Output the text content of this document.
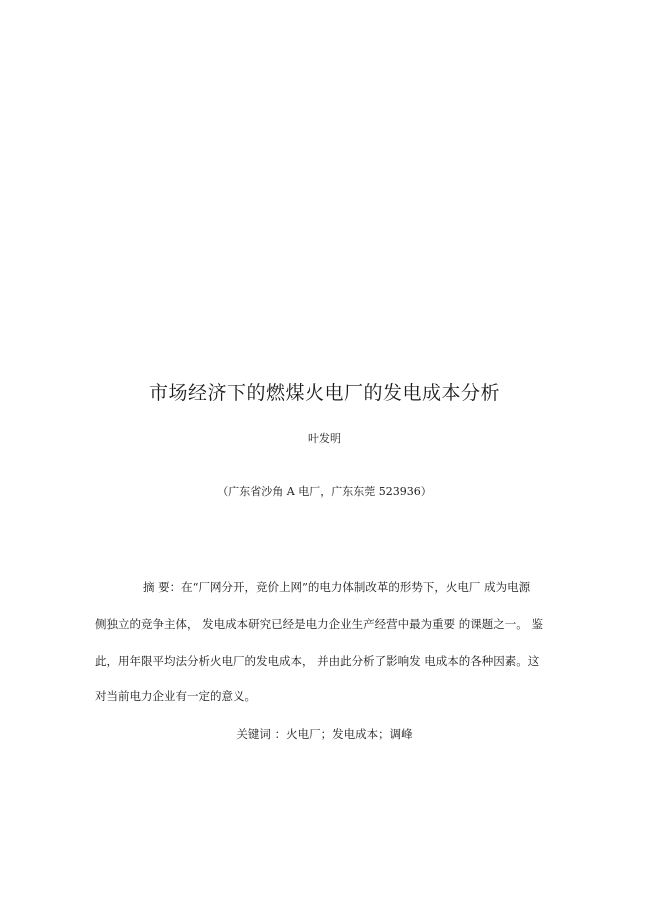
市场经济下的燃煤火电厂的发电成本分析
叶发明
（广东省沙角 A 电厂，广东东莞 523936）
摘 要：在“厂网分开，竞价上网”的电力体制改革的形势下，火电厂 成为电源
侧独立的竞争主体， 发电成本研究已经是电力企业生产经营中最为重要 的课题之一。 鉴
此，用年限平均法分析火电厂的发电成本， 并由此分析了影响发 电成本的各种因素。这
对当前电力企业有一定的意义。
关键词 ：火电厂；发电成本；调峰
